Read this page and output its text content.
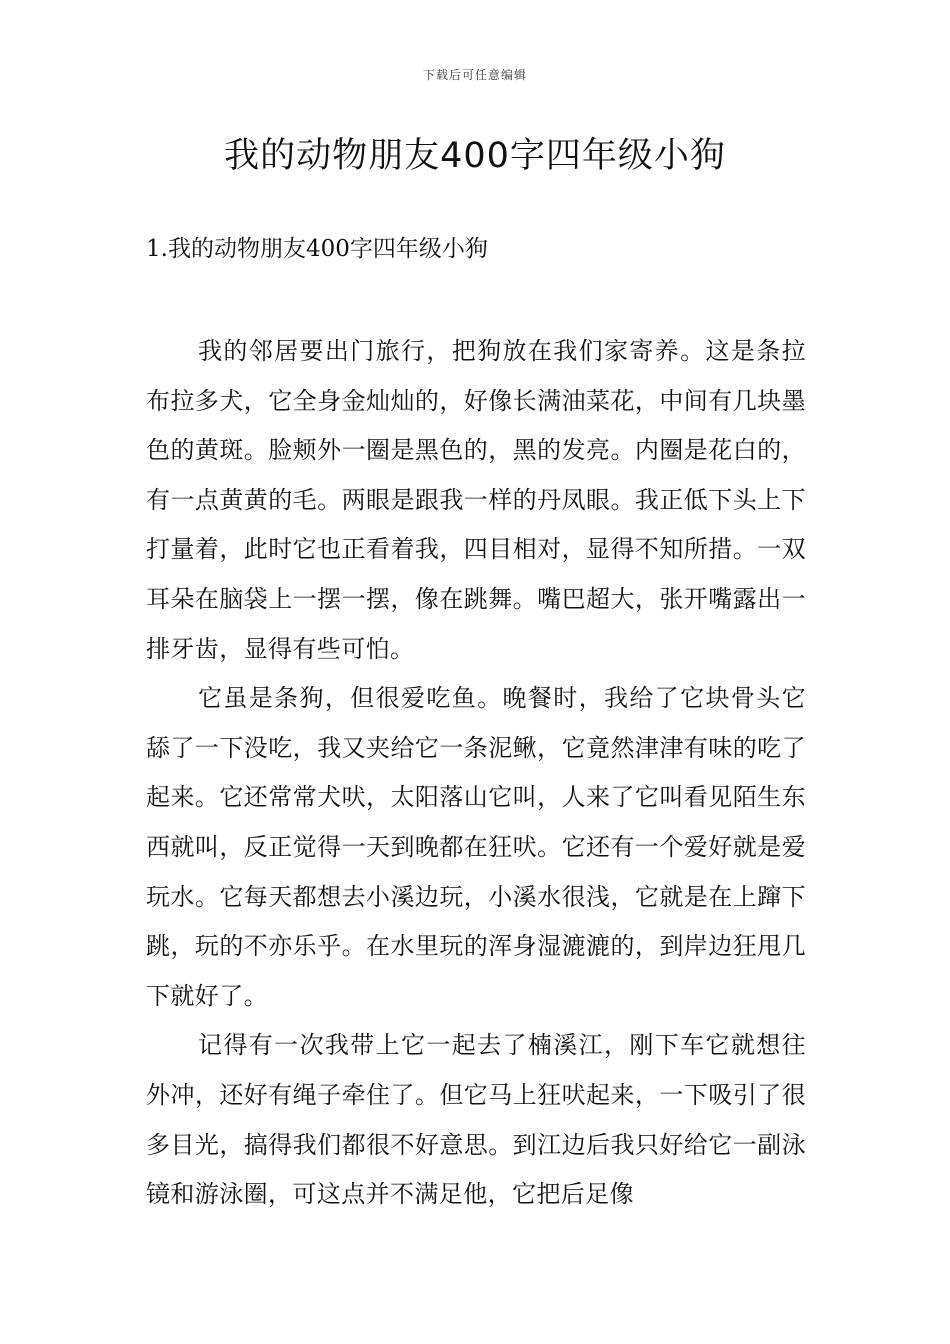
下载后可任意编辑
我的动物朋友400字四年级小狗
1.我的动物朋友400字四年级小狗

我的邻居要出门旅行，把狗放在我们家寄养。这是条拉布拉多犬，它全身金灿灿的，好像长满油菜花，中间有几块墨色的黄斑。脸颊外一圈是黑色的，黑的发亮。内圈是花白的，有一点黄黄的毛。两眼是跟我一样的丹凤眼。我正低下头上下打量着，此时它也正看着我，四目相对，显得不知所措。一双耳朵在脑袋上一摆一摆，像在跳舞。嘴巴超大，张开嘴露出一排牙齿，显得有些可怕。

它虽是条狗，但很爱吃鱼。晚餐时，我给了它块骨头它舔了一下没吃，我又夹给它一条泥鳅，它竟然津津有味的吃了起来。它还常常犬吠，太阳落山它叫，人来了它叫看见陌生东西就叫，反正觉得一天到晚都在狂吠。它还有一个爱好就是爱玩水。它每天都想去小溪边玩，小溪水很浅，它就是在上蹿下跳，玩的不亦乐乎。在水里玩的浑身湿漉漉的，到岸边狂甩几下就好了。

记得有一次我带上它一起去了楠溪江，刚下车它就想往外冲，还好有绳子牵住了。但它马上狂吠起来，一下吸引了很多目光，搞得我们都很不好意思。到江边后我只好给它一副泳镜和游泳圈，可这点并不满足他，它把后足像
